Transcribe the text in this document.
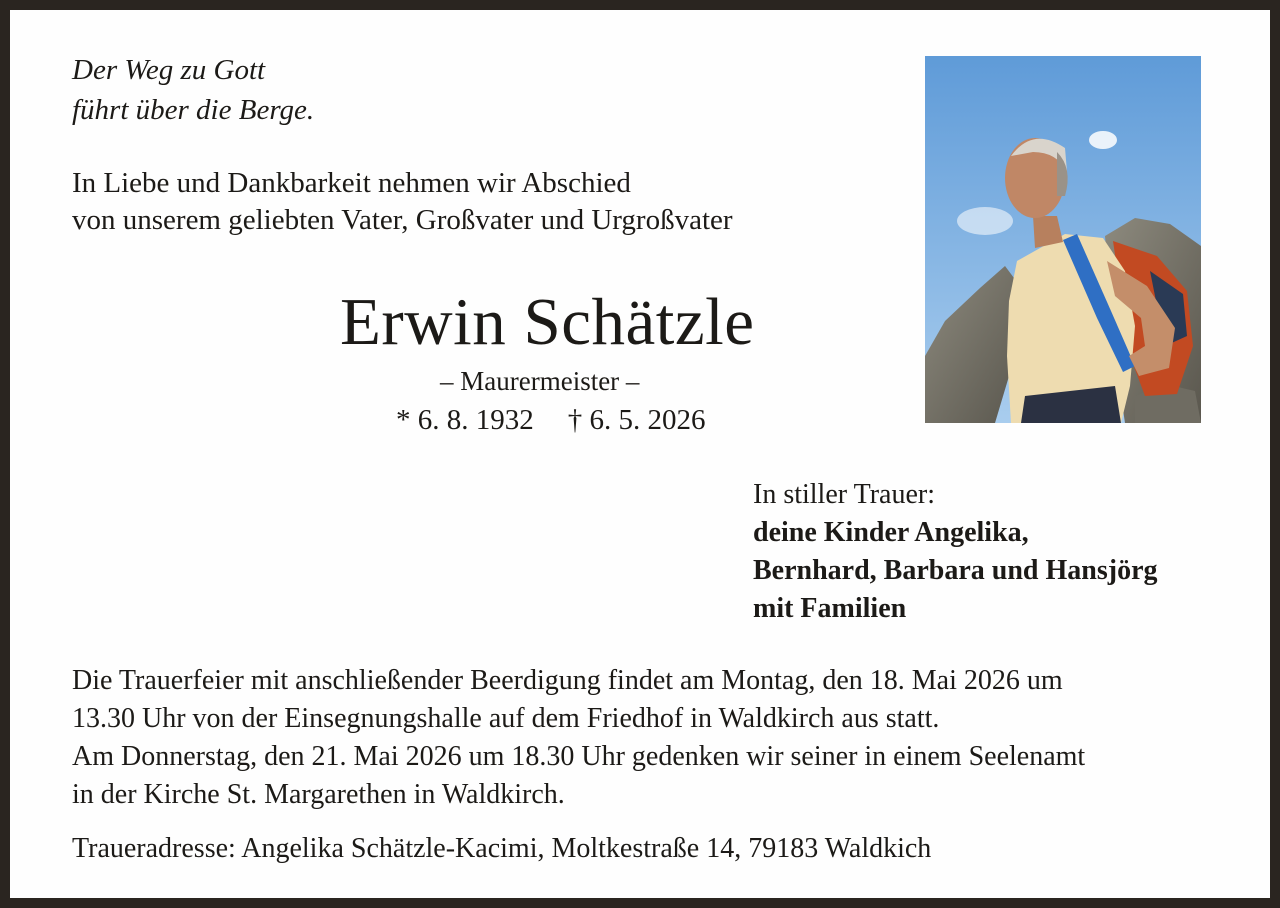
Der Weg zu Gott
führt über die Berge.
In Liebe und Dankbarkeit nehmen wir Abschied
von unserem geliebten Vater, Großvater und Urgroßvater
Erwin Schätzle
– Maurermeister –
* 6. 8. 1932 † 6. 5. 2026
In stiller Trauer:
deine Kinder Angelika,
Bernhard, Barbara und Hansjörg
mit Familien
Die Trauerfeier mit anschließender Beerdigung findet am Montag, den 18. Mai 2026 um
13.30 Uhr von der Einsegnungshalle auf dem Friedhof in Waldkirch aus statt.
Am Donnerstag, den 21. Mai 2026 um 18.30 Uhr gedenken wir seiner in einem Seelenamt
in der Kirche St. Margarethen in Waldkirch.
Traueradresse: Angelika Schätzle-Kacimi, Moltkestraße 14, 79183 Waldkich
